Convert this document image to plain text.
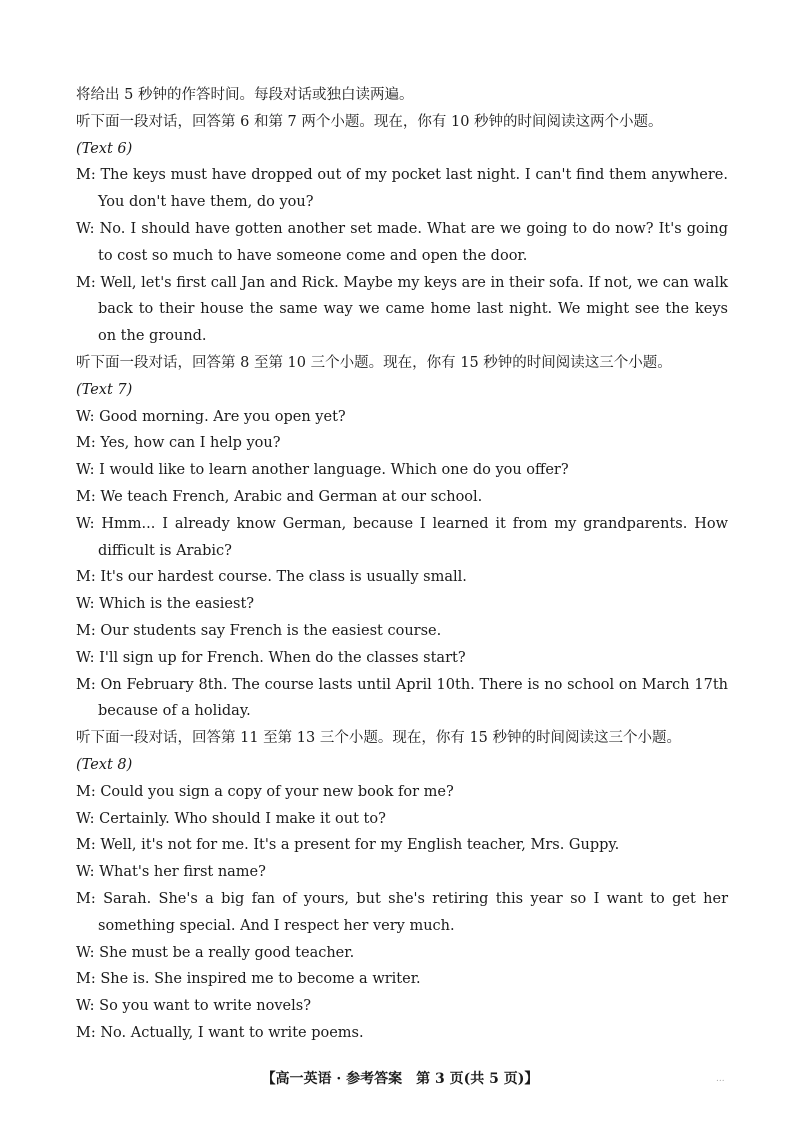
将给出 5 秒钟的作答时间。每段对话或独白读两遍。
听下面一段对话，回答第 6 和第 7 两个小题。现在，你有 10 秒钟的时间阅读这两个小题。
(Text 6)
M: The keys must have dropped out of my pocket last night. I can't find them anywhere. You don't have them, do you?
W: No. I should have gotten another set made. What are we going to do now? It's going to cost so much to have someone come and open the door.
M: Well, let's first call Jan and Rick. Maybe my keys are in their sofa. If not, we can walk back to their house the same way we came home last night. We might see the keys on the ground.
听下面一段对话，回答第 8 至第 10 三个小题。现在，你有 15 秒钟的时间阅读这三个小题。
(Text 7)
W: Good morning. Are you open yet?
M: Yes, how can I help you?
W: I would like to learn another language. Which one do you offer?
M: We teach French, Arabic and German at our school.
W: Hmm... I already know German, because I learned it from my grandparents. How difficult is Arabic?
M: It's our hardest course. The class is usually small.
W: Which is the easiest?
M: Our students say French is the easiest course.
W: I'll sign up for French. When do the classes start?
M: On February 8th. The course lasts until April 10th. There is no school on March 17th because of a holiday.
听下面一段对话，回答第 11 至第 13 三个小题。现在，你有 15 秒钟的时间阅读这三个小题。
(Text 8)
M: Could you sign a copy of your new book for me?
W: Certainly. Who should I make it out to?
M: Well, it's not for me. It's a present for my English teacher, Mrs. Guppy.
W: What's her first name?
M: Sarah. She's a big fan of yours, but she's retiring this year so I want to get her something special. And I respect her very much.
W: She must be a really good teacher.
M: She is. She inspired me to become a writer.
W: So you want to write novels?
M: No. Actually, I want to write poems.
【高一英语 · 参考答案　第 3 页(共 5 页)】	...
